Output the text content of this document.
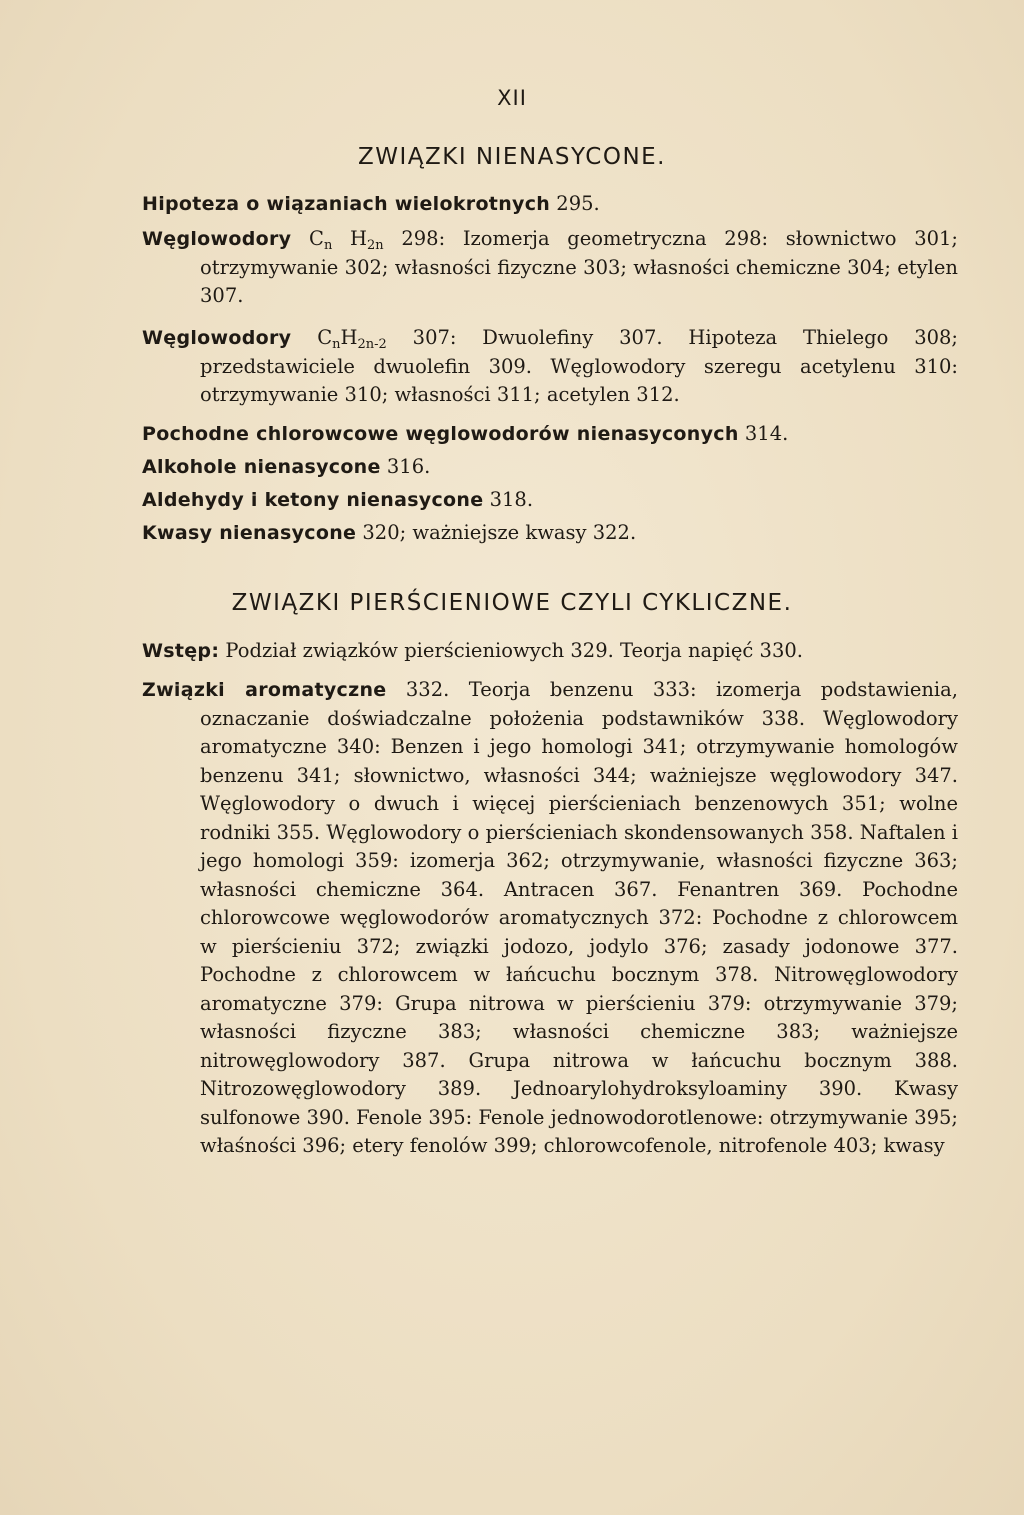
XII
ZWIĄZKI NIENASYCONE.

Hipoteza o wiązaniach wielokrotnych 295.

Węglowodory $C_n$ $H_{2n}$ 298: Izomerja geometryczna 298: słownictwo 301; otrzymywanie 302; własności fizyczne 303; własności chemiczne 304; etylen 307.

Węglowodory $C_nH_{2n-2}$ 307: Dwuolefiny 307. Hipoteza Thielego 308; przedstawiciele dwuolefin 309. Węglowodory szeregu acetylenu 310: otrzymywanie 310; własności 311; acetylen 312.

Pochodne chlorowcowe węglowodorów nienasyconych 314.

Alkohole nienasycone 316.

Aldehydy i ketony nienasycone 318.

Kwasy nienasycone 320; ważniejsze kwasy 322.

ZWIĄZKI PIERŚCIENIOWE CZYLI CYKLICZNE.

Wstęp: Podział związków pierścieniowych 329. Teorja napięć 330.

Związki aromatyczne 332. Teorja benzenu 333: izomerja podstawienia, oznaczanie doświadczalne położenia podstawników 338. Węglowodory aromatyczne 340: Benzen i jego homologi 341; otrzymywanie homologów benzenu 341; słownictwo, własności 344; ważniejsze węglowodory 347. Węglowodory o dwuch i więcej pierścieniach benzenowych 351; wolne rodniki 355. Węglowodory o pierścieniach skondensowanych 358. Naftalen i jego homologi 359: izomerja 362; otrzymywanie, własności fizyczne 363; własności chemiczne 364. Antracen 367. Fenantren 369. Pochodne chlorowcowe węglowodorów aromatycznych 372: Pochodne z chlorowcem w pierścieniu 372; związki jodozo, jodylo 376; zasady jodonowe 377. Pochodne z chlorowcem w łańcuchu bocznym 378. Nitrowęglowodory aromatyczne 379: Grupa nitrowa w pierścieniu 379: otrzymywanie 379; własności fizyczne 383; własności chemiczne 383; ważniejsze nitrowęglowodory 387. Grupa nitrowa w łańcuchu bocznym 388. Nitrozowęglowodory 389. Jednoarylohydroksyloaminy 390. Kwasy sulfonowe 390. Fenole 395: Fenole jednowodorotlenowe: otrzymywanie 395; właśności 396; etery fenolów 399; chlorowcofenole, nitrofenole 403; kwasy
